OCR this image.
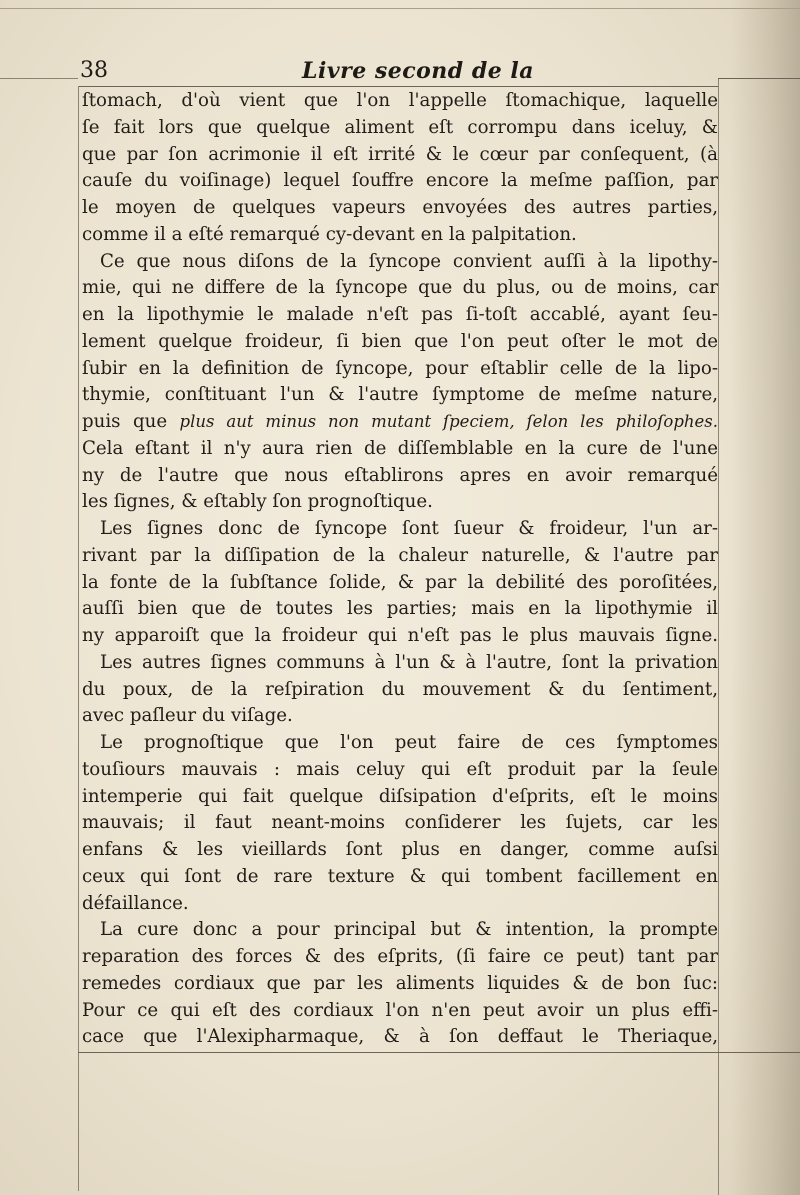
38	Livre second de la
ſtomach, d'où vient que l'on l'appelle ſtomachique, laquelle
ſe fait lors que quelque aliment eſt corrompu dans iceluy, &
que par ſon acrimonie il eſt irrité & le cœur par conſequent, (à
cauſe du voiſinage) lequel ſouffre encore la meſme paſſion, par
le moyen de quelques vapeurs envoyées des autres parties,
comme il a eſté remarqué cy-devant en la palpitation.
Ce que nous diſons de la ſyncope convient auſſi à la lipothy-
mie, qui ne differe de la ſyncope que du plus, ou de moins, car
en la lipothymie le malade n'eſt pas ſi-toſt accablé, ayant ſeu-
lement quelque froideur, ſi bien que l'on peut oſter le mot de
ſubir en la definition de ſyncope, pour eſtablir celle de la lipo-
thymie, conſtituant l'un & l'autre ſymptome de meſme nature,
puis que plus aut minus non mutant ſpeciem, ſelon les philoſophes.
Cela eſtant il n'y aura rien de diſſemblable en la cure de l'une
ny de l'autre que nous eſtablirons apres en avoir remarqué
les ſignes, & eſtably ſon prognoſtique.
Les ſignes donc de ſyncope ſont ſueur & froideur, l'un ar-
rivant par la diſſipation de la chaleur naturelle, & l'autre par
la fonte de la ſubſtance ſolide, & par la debilité des poroſitées,
auſſi bien que de toutes les parties; mais en la lipothymie il
ny apparoiſt que la froideur qui n'eſt pas le plus mauvais ſigne.
Les autres ſignes communs à l'un & à l'autre, ſont la privation
du poux, de la reſpiration du mouvement & du ſentiment,
avec paſleur du viſage.
Le prognoſtique que l'on peut faire de ces ſymptomes
touſiours mauvais : mais celuy qui eſt produit par la ſeule
intemperie qui fait quelque diſsipation d'eſprits, eſt le moins
mauvais; il faut neant-moins conſiderer les ſujets, car les
enfans & les vieillards ſont plus en danger, comme auſsi
ceux qui ſont de rare texture & qui tombent facillement en
défaillance.
La cure donc a pour principal but & intention, la prompte
reparation des forces & des eſprits, (ſi faire ce peut) tant par
remedes cordiaux que par les aliments liquides & de bon ſuc:
Pour ce qui eſt des cordiaux l'on n'en peut avoir un plus effi-
cace que l'Alexipharmaque, & à ſon deffaut le Theriaque,
